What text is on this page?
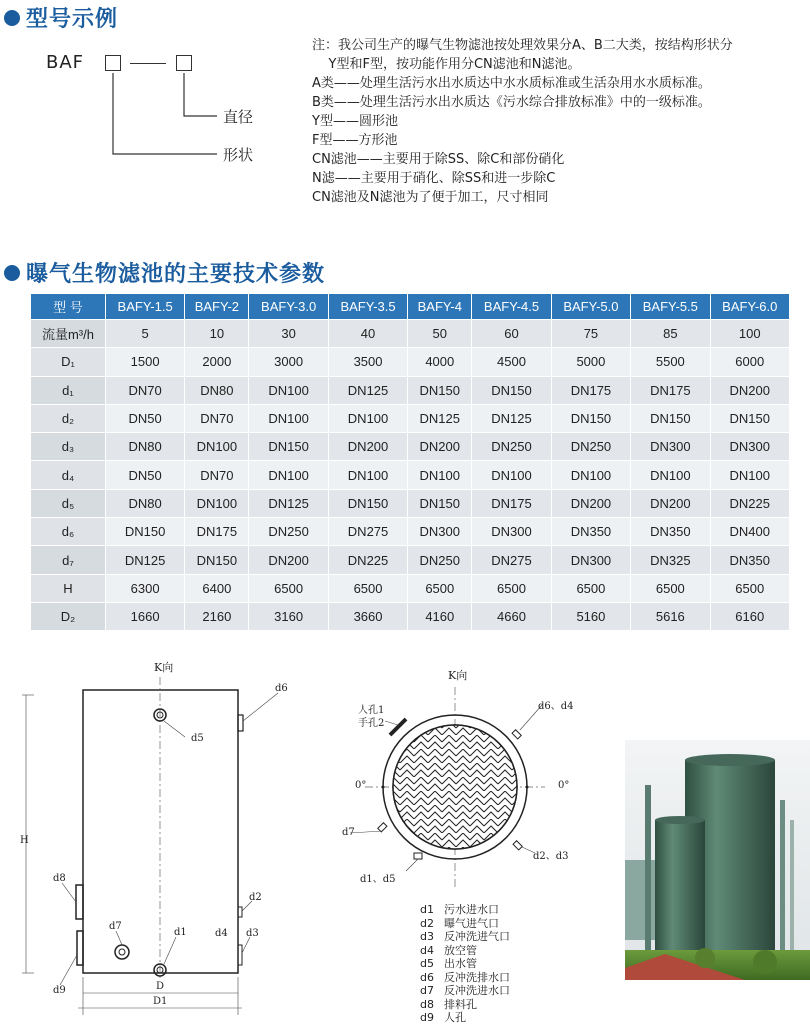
型号示例
BAF
直径
形状

注：我公司生产的曝气生物滤池按处理效果分A、B二大类，按结构形状分

Y型和F型，按功能作用分CN滤池和N滤池。

A类——处理生活污水出水质达中水水质标准或生活杂用水水质标准。

B类——处理生活污水出水质达《污水综合排放标准》中的一级标准。

Y型——圆形池

F型——方形池

CN滤池——主要用于除SS、除C和部份硝化

N滤——主要用于硝化、除SS和进一步除C

CN滤池及N滤池为了便于加工，尺寸相同

曝气生物滤池的主要技术参数
型 号	BAFY-1.5	BAFY-2	BAFY-3.0	BAFY-3.5	BAFY-4	BAFY-4.5	BAFY-5.0	BAFY-5.5	BAFY-6.0
流量m³/h	5	10	30	40	50	60	75	85	100
D₁	1500	2000	3000	3500	4000	4500	5000	5500	6000
d₁	DN70	DN80	DN100	DN125	DN150	DN150	DN175	DN175	DN200
d₂	DN50	DN70	DN100	DN100	DN125	DN125	DN150	DN150	DN150
d₃	DN80	DN100	DN150	DN200	DN200	DN250	DN250	DN300	DN300
d₄	DN50	DN70	DN100	DN100	DN100	DN100	DN100	DN100	DN100
d₅	DN80	DN100	DN125	DN150	DN150	DN175	DN200	DN200	DN225
d₆	DN150	DN175	DN250	DN275	DN300	DN300	DN350	DN350	DN400
d₇	DN125	DN150	DN200	DN225	DN250	DN275	DN300	DN325	DN350
H	6300	6400	6500	6500	6500	6500	6500	6500	6500
D₂	1660	2160	3160	3660	4160	4660	5160	5616	6160
K向
d5
d6
H
d8
d9
d2
d4 d3
d7
d1
D
D1
K向
人孔1
手孔2
d6、d4
0°	0°
d7
d1、d5
d2、d3
d1 污水进水口
d2 曝气进气口
d3 反冲洗进气口
d4 放空管
d5 出水管
d6 反冲洗排水口
d7 反冲洗进水口
d8 排料孔
d9 人孔
